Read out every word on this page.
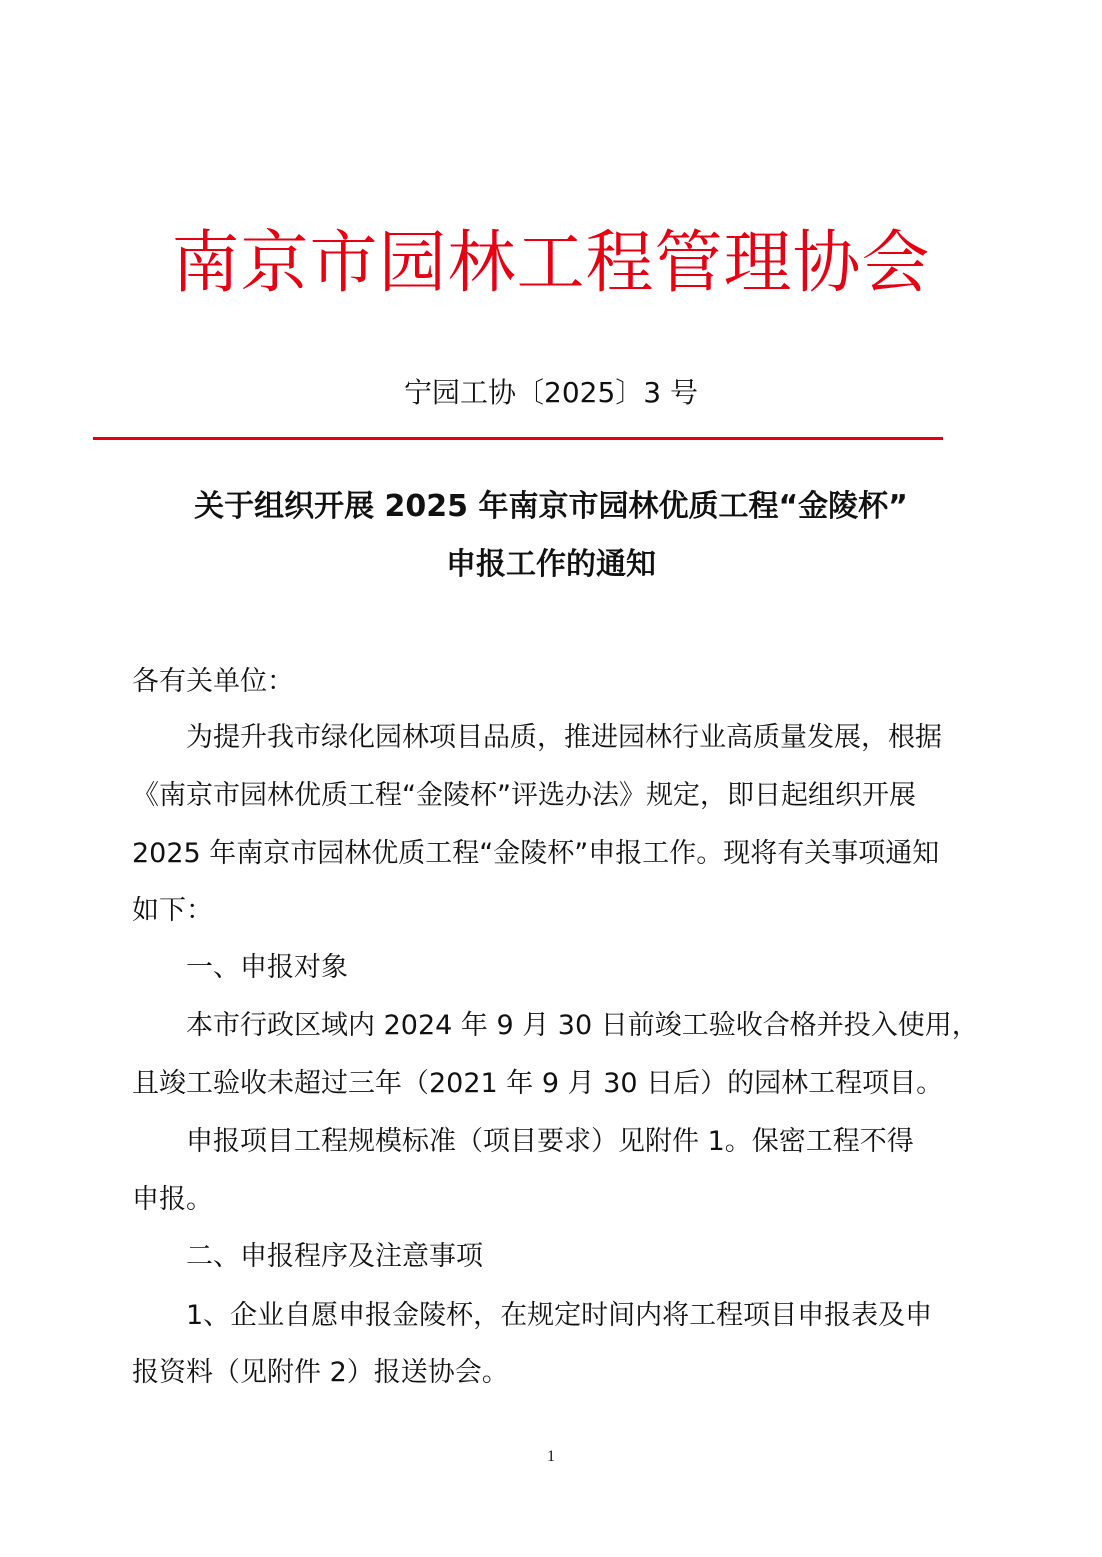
南京市园林工程管理协会
宁园工协〔2025〕3 号
关于组织开展 2025 年南京市园林优质工程“金陵杯”
申报工作的通知
各有关单位：
为提升我市绿化园林项目品质，推进园林行业高质量发展，根据
《南京市园林优质工程“金陵杯”评选办法》规定，即日起组织开展
2025 年南京市园林优质工程“金陵杯”申报工作。现将有关事项通知
如下：
一、申报对象
本市行政区域内 2024 年 9 月 30 日前竣工验收合格并投入使用，
且竣工验收未超过三年（2021 年 9 月 30 日后）的园林工程项目。
申报项目工程规模标准（项目要求）见附件 1。保密工程不得
申报。
二、申报程序及注意事项
1、企业自愿申报金陵杯，在规定时间内将工程项目申报表及申
报资料（见附件 2）报送协会。
1
